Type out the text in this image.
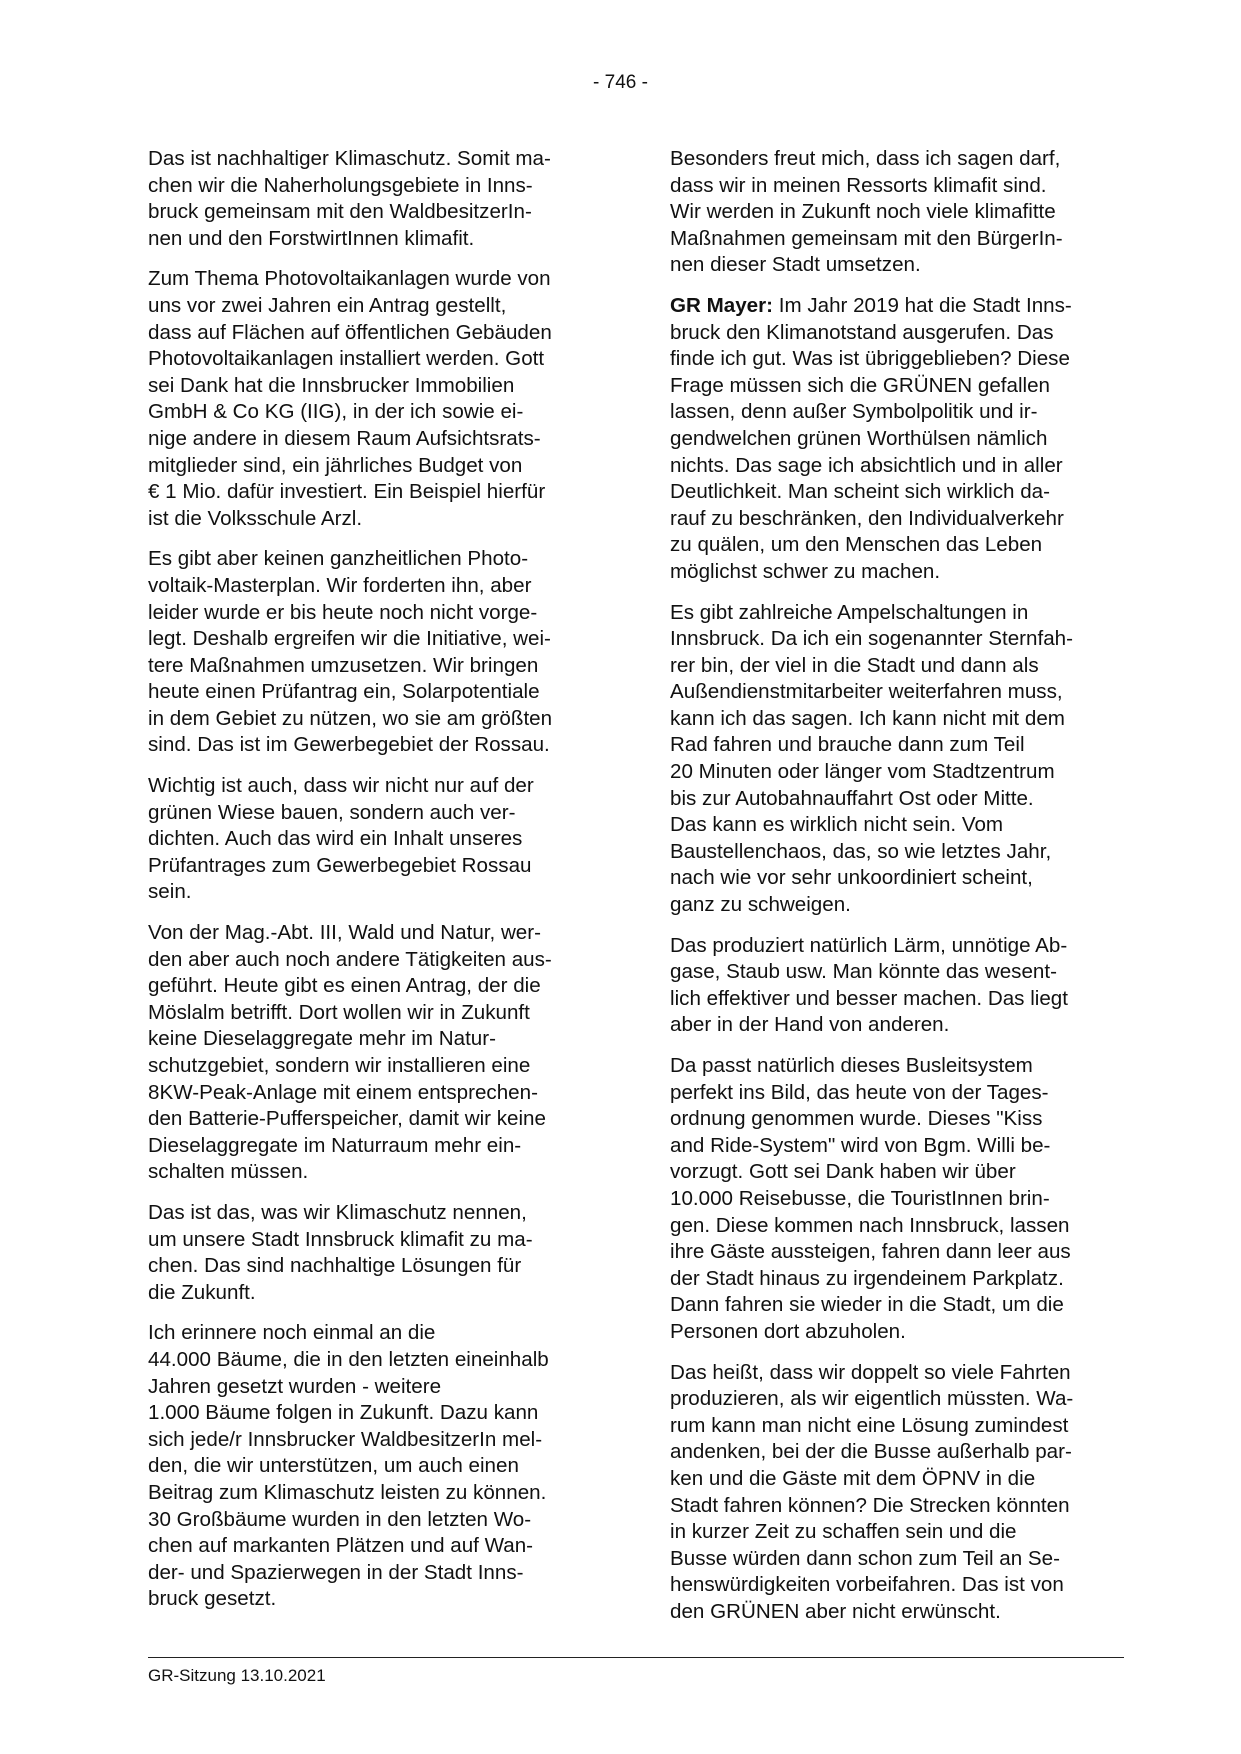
- 746 -
Das ist nachhaltiger Klimaschutz. Somit ma-
chen wir die Naherholungsgebiete in Inns-
bruck gemeinsam mit den WaldbesitzerIn-
nen und den ForstwirtInnen klimafit.
Zum Thema Photovoltaikanlagen wurde von
uns vor zwei Jahren ein Antrag gestellt,
dass auf Flächen auf öffentlichen Gebäuden
Photovoltaikanlagen installiert werden. Gott
sei Dank hat die Innsbrucker Immobilien
GmbH & Co KG (IIG), in der ich sowie ei-
nige andere in diesem Raum Aufsichtsrats-
mitglieder sind, ein jährliches Budget von
€ 1 Mio. dafür investiert. Ein Beispiel hierfür
ist die Volksschule Arzl.
Es gibt aber keinen ganzheitlichen Photo-
voltaik-Masterplan. Wir forderten ihn, aber
leider wurde er bis heute noch nicht vorge-
legt. Deshalb ergreifen wir die Initiative, wei-
tere Maßnahmen umzusetzen. Wir bringen
heute einen Prüfantrag ein, Solarpotentiale
in dem Gebiet zu nützen, wo sie am größten
sind. Das ist im Gewerbegebiet der Rossau.
Wichtig ist auch, dass wir nicht nur auf der
grünen Wiese bauen, sondern auch ver-
dichten. Auch das wird ein Inhalt unseres
Prüfantrages zum Gewerbegebiet Rossau
sein.
Von der Mag.-Abt. III, Wald und Natur, wer-
den aber auch noch andere Tätigkeiten aus-
geführt. Heute gibt es einen Antrag, der die
Möslalm betrifft. Dort wollen wir in Zukunft
keine Dieselaggregate mehr im Natur-
schutzgebiet, sondern wir installieren eine
8KW-Peak-Anlage mit einem entsprechen-
den Batterie-Pufferspeicher, damit wir keine
Dieselaggregate im Naturraum mehr ein-
schalten müssen.
Das ist das, was wir Klimaschutz nennen,
um unsere Stadt Innsbruck klimafit zu ma-
chen. Das sind nachhaltige Lösungen für
die Zukunft.
Ich erinnere noch einmal an die
44.000 Bäume, die in den letzten eineinhalb
Jahren gesetzt wurden - weitere
1.000 Bäume folgen in Zukunft. Dazu kann
sich jede/r Innsbrucker WaldbesitzerIn mel-
den, die wir unterstützen, um auch einen
Beitrag zum Klimaschutz leisten zu können.
30 Großbäume wurden in den letzten Wo-
chen auf markanten Plätzen und auf Wan-
der- und Spazierwegen in der Stadt Inns-
bruck gesetzt.
Besonders freut mich, dass ich sagen darf,
dass wir in meinen Ressorts klimafit sind.
Wir werden in Zukunft noch viele klimafitte
Maßnahmen gemeinsam mit den BürgerIn-
nen dieser Stadt umsetzen.
GR Mayer: Im Jahr 2019 hat die Stadt Inns-
bruck den Klimanotstand ausgerufen. Das
finde ich gut. Was ist übriggeblieben? Diese
Frage müssen sich die GRÜNEN gefallen
lassen, denn außer Symbolpolitik und ir-
gendwelchen grünen Worthülsen nämlich
nichts. Das sage ich absichtlich und in aller
Deutlichkeit. Man scheint sich wirklich da-
rauf zu beschränken, den Individualverkehr
zu quälen, um den Menschen das Leben
möglichst schwer zu machen.
Es gibt zahlreiche Ampelschaltungen in
Innsbruck. Da ich ein sogenannter Sternfah-
rer bin, der viel in die Stadt und dann als
Außendienstmitarbeiter weiterfahren muss,
kann ich das sagen. Ich kann nicht mit dem
Rad fahren und brauche dann zum Teil
20 Minuten oder länger vom Stadtzentrum
bis zur Autobahnauffahrt Ost oder Mitte.
Das kann es wirklich nicht sein. Vom
Baustellenchaos, das, so wie letztes Jahr,
nach wie vor sehr unkoordiniert scheint,
ganz zu schweigen.
Das produziert natürlich Lärm, unnötige Ab-
gase, Staub usw. Man könnte das wesent-
lich effektiver und besser machen. Das liegt
aber in der Hand von anderen.
Da passt natürlich dieses Busleitsystem
perfekt ins Bild, das heute von der Tages-
ordnung genommen wurde. Dieses "Kiss
and Ride-System" wird von Bgm. Willi be-
vorzugt. Gott sei Dank haben wir über
10.000 Reisebusse, die TouristInnen brin-
gen. Diese kommen nach Innsbruck, lassen
ihre Gäste aussteigen, fahren dann leer aus
der Stadt hinaus zu irgendeinem Parkplatz.
Dann fahren sie wieder in die Stadt, um die
Personen dort abzuholen.
Das heißt, dass wir doppelt so viele Fahrten
produzieren, als wir eigentlich müssten. Wa-
rum kann man nicht eine Lösung zumindest
andenken, bei der die Busse außerhalb par-
ken und die Gäste mit dem ÖPNV in die
Stadt fahren können? Die Strecken könnten
in kurzer Zeit zu schaffen sein und die
Busse würden dann schon zum Teil an Se-
henswürdigkeiten vorbeifahren. Das ist von
den GRÜNEN aber nicht erwünscht.
GR-Sitzung 13.10.2021
